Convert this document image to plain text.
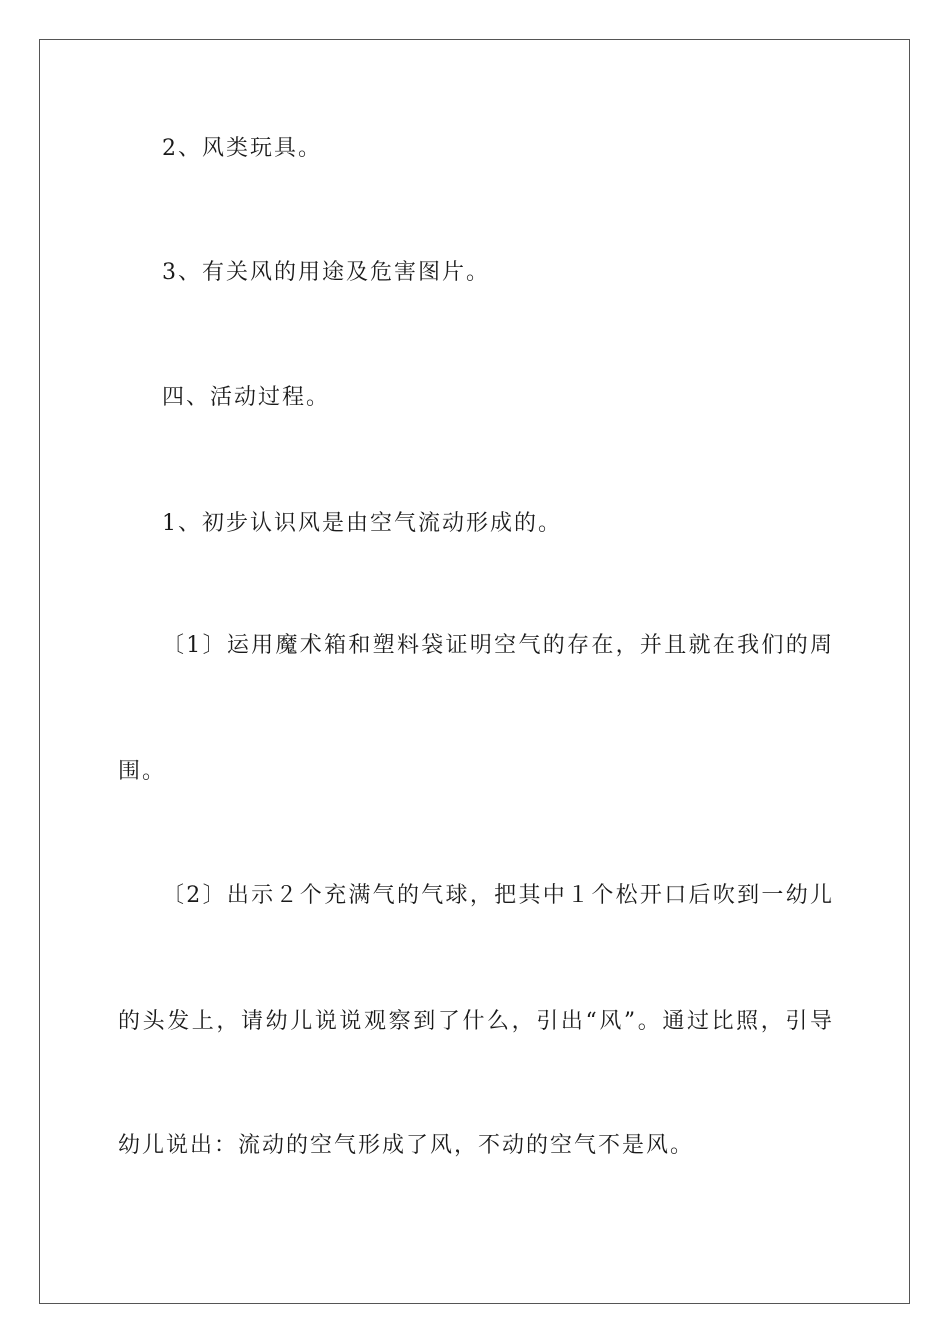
2、风类玩具。
3、有关风的用途及危害图片。
四、活动过程。
1、初步认识风是由空气流动形成的。
〔1〕运用魔术箱和塑料袋证明空气的存在，并且就在我们的周
围。
〔2〕出示２个充满气的气球，把其中１个松开口后吹到一幼儿
的头发上，请幼儿说说观察到了什么，引出“风”。通过比照，引导
幼儿说出：流动的空气形成了风，不动的空气不是风。
